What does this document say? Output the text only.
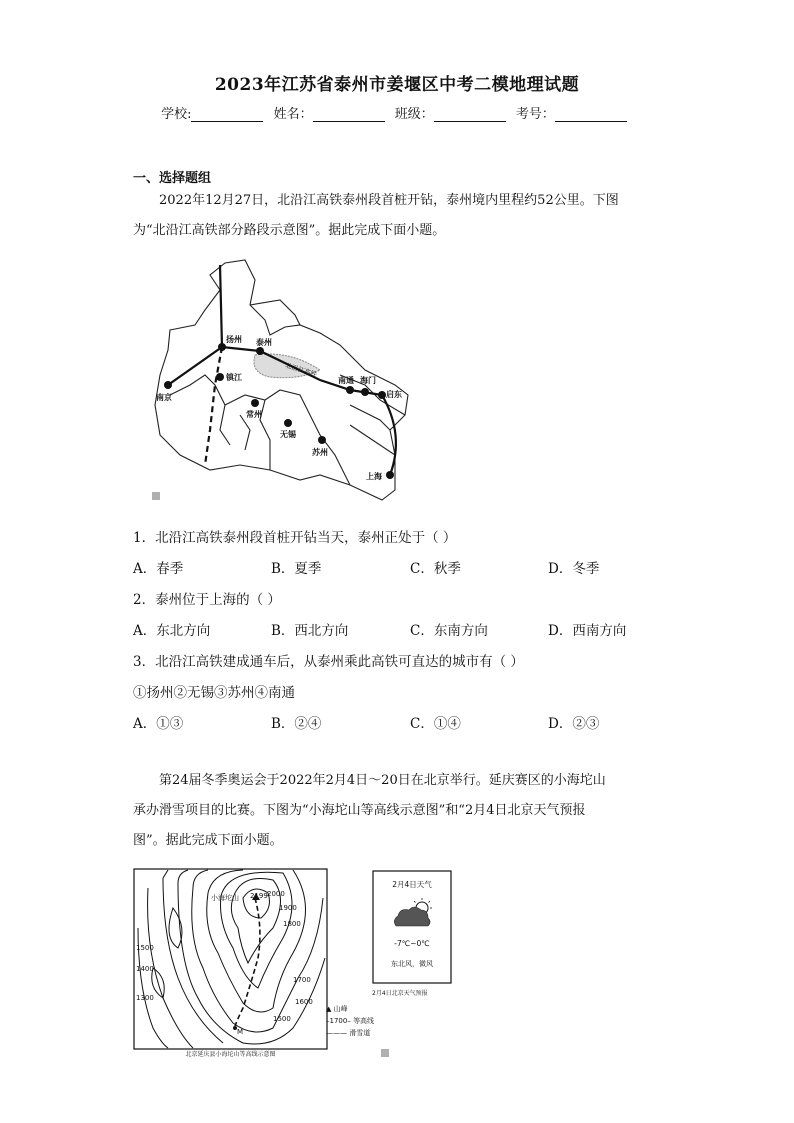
2023年江苏省泰州市姜堰区中考二模地理试题
学校:	姓名：	班级：	考号：
一、选择题组
2022年12月27日，北沿江高铁泰州段首桩开钻，泰州境内里程约52公里。下图
为“北沿江高铁部分路段示意图”。据此完成下面小题。
扬州 泰州
南京
镇江
常州
无锡
苏州
南通 海门
启东
上海
北沿江高铁
1．北沿江高铁泰州段首桩开钻当天，泰州正处于（ ）
A．春季	B．夏季	C．秋季	D．冬季
2．泰州位于上海的（ ）
A．东北方向	B．西北方向	C．东南方向	D．西南方向
3．北沿江高铁建成通车后，从泰州乘此高铁可直达的城市有（ ）
①扬州②无锡③苏州④南通
A．①③	B．②④	C．①④	D．②③
第24届冬季奥运会于2022年2月4日～20日在北京举行。延庆赛区的小海坨山
承办滑雪项目的比赛。下图为“小海坨山等高线示意图”和“2月4日北京天气预报
图”。据此完成下面小题。
小海坨山 2199 2000
1900
1800
1700
1600
1500
1500
1400
1300
M
北京延庆县小海坨山等高线示意图
▲ 山峰
–1700– 等高线
——— 滑雪道
2月4日天气
-7℃~0℃
东北风，微风
2月4日北京天气预报
